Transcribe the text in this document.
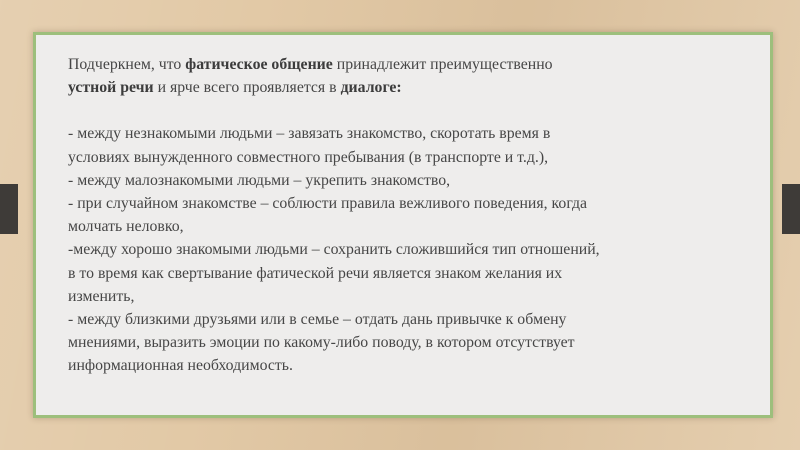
Подчеркнем, что фатическое общение принадлежит преимущественно

устной речи и ярче всего проявляется в диалоге:

- между незнакомыми людьми – завязать знакомство, скоротать время в

условиях вынужденного совместного пребывания (в транспорте и т.д.),

- между малознакомыми людьми – укрепить знакомство,

- при случайном знакомстве – соблюсти правила вежливого поведения, когда

молчать неловко,

-между хорошо знакомыми людьми – сохранить сложившийся тип отношений,

в то время как свертывание фатической речи является знаком желания их

изменить,

- между близкими друзьями или в семье – отдать дань привычке к обмену

мнениями, выразить эмоции по какому-либо поводу, в котором отсутствует

информационная необходимость.
